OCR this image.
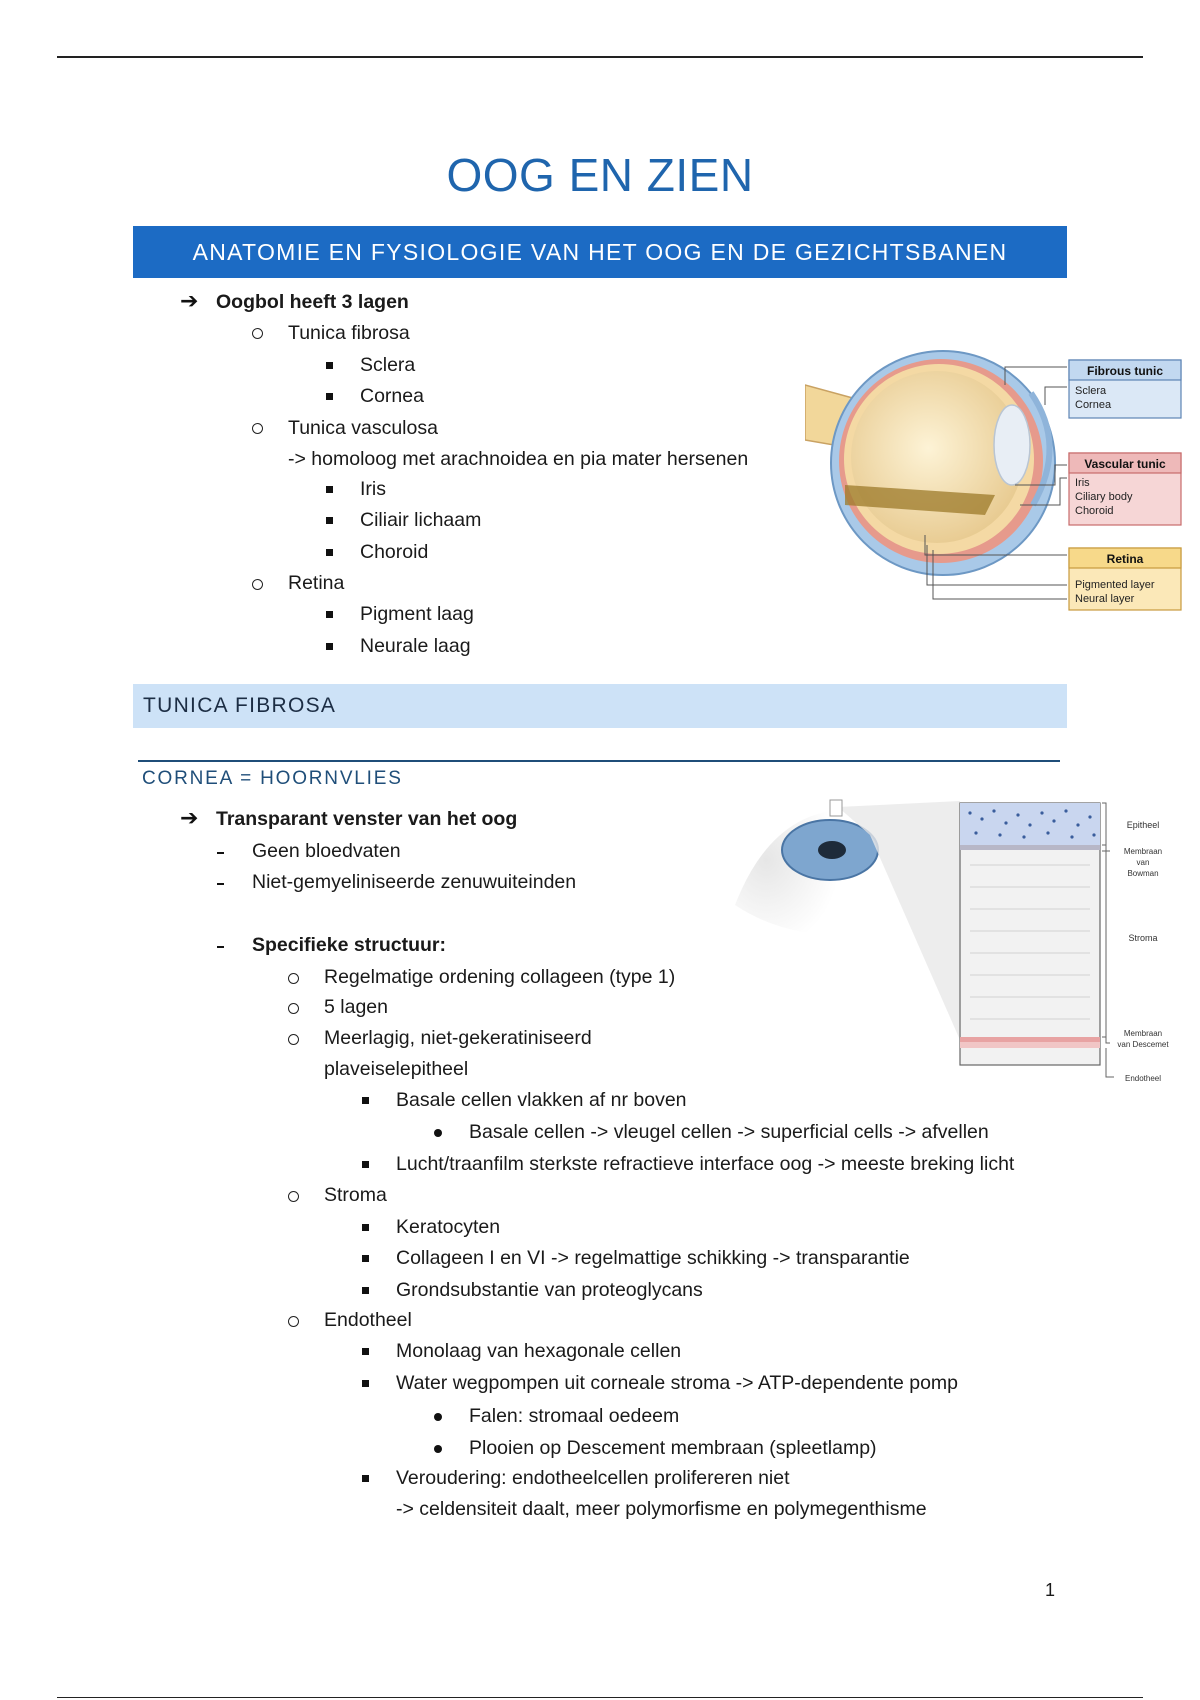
OOG EN ZIEN
ANATOMIE EN FYSIOLOGIE VAN HET OOG EN DE GEZICHTSBANEN
➔ Oogbol heeft 3 lagen
Tunica fibrosa
Sclera
Cornea
Tunica vasculosa
-> homoloog met arachnoidea en pia mater hersenen
Iris
Ciliair lichaam
Choroid
Retina
Pigment laag
Neurale laag
Fibrous tunic
Sclera
Cornea
Vascular tunic
Iris
Ciliary body
Choroid
Retina
Pigmented layer
Neural layer
TUNICA FIBROSA
CORNEA = HOORNVLIES
➔ Transparant venster van het oog
Geen bloedvaten
Niet-gemyeliniseerde zenuwuiteinden
Specifieke structuur:
Regelmatige ordening collageen (type 1)
5 lagen
Meerlagig, niet-gekeratiniseerd
plaveiselepitheel
Basale cellen vlakken af nr boven
Basale cellen -> vleugel cellen -> superficial cells -> afvellen
Lucht/traanfilm sterkste refractieve interface oog -> meeste breking licht
Stroma
Keratocyten
Collageen I en VI -> regelmattige schikking -> transparantie
Grondsubstantie van proteoglycans
Endotheel
Monolaag van hexagonale cellen
Water wegpompen uit corneale stroma -> ATP-dependente pomp
Falen: stromaal oedeem
Plooien op Descement membraan (spleetlamp)
Veroudering: endotheelcellen prolifereren niet
-> celdensiteit daalt, meer polymorfisme en polymegenthisme
Epitheel
Membraan
van
Bowman
Stroma
Membraan
van Descemet
Endotheel
1
